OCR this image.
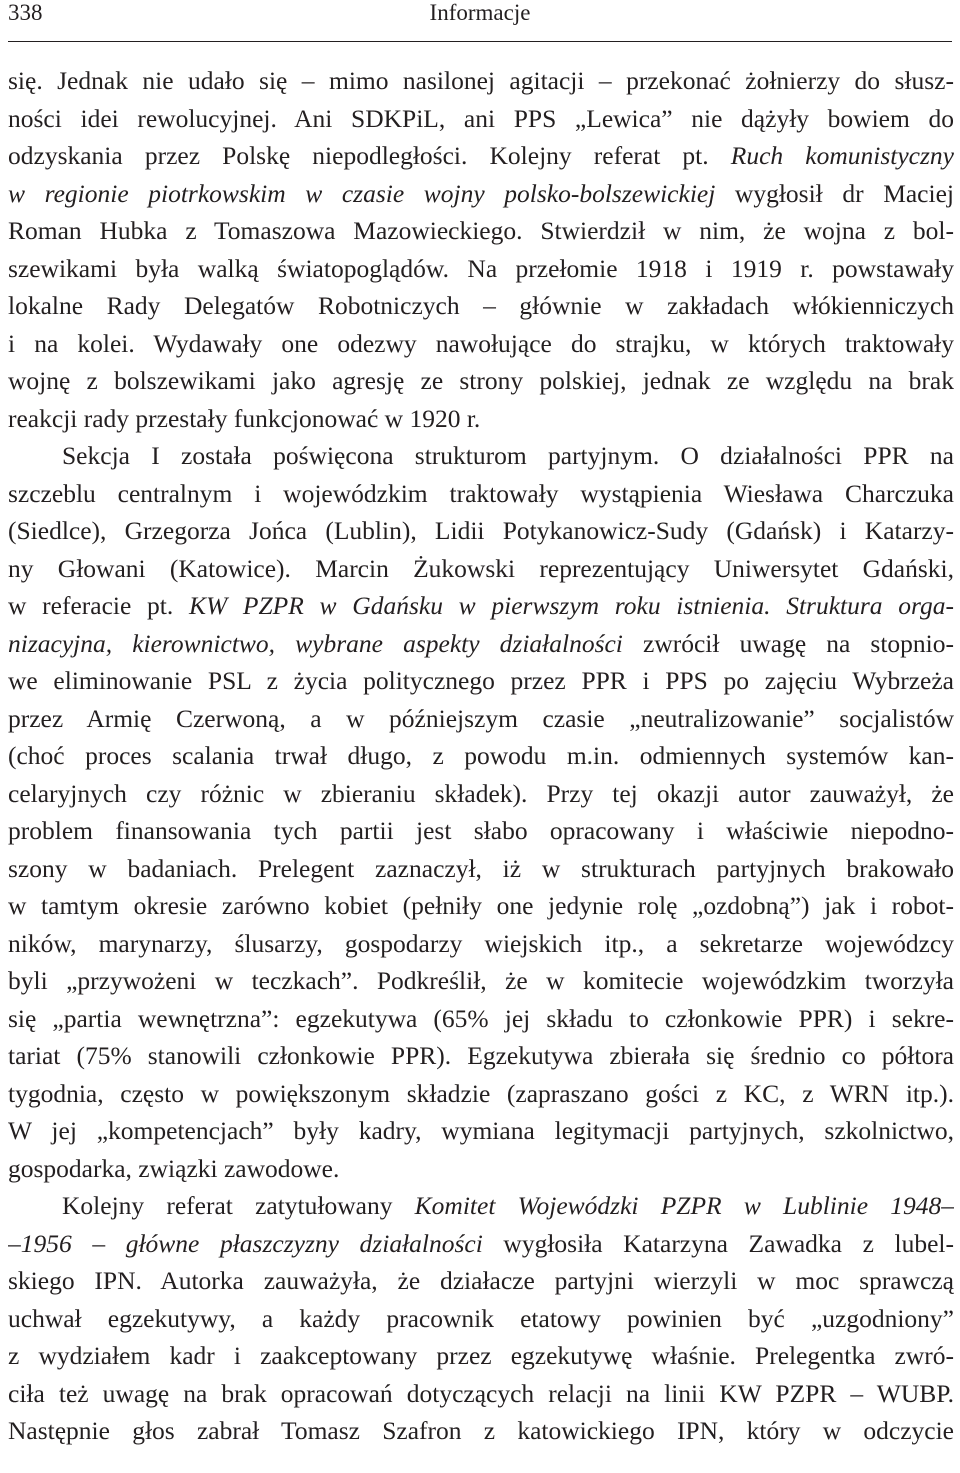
338	Informacje
się. Jednak nie udało się – mimo nasilonej agitacji – przekonać żołnierzy do słusz-
ności idei rewolucyjnej. Ani SDKPiL, ani PPS „Lewica” nie dążyły bowiem do
odzyskania przez Polskę niepodległości. Kolejny referat pt. Ruch komunistyczny
w regionie piotrkowskim w czasie wojny polsko-bolszewickiej wygłosił dr Maciej
Roman Hubka z Tomaszowa Mazowieckiego. Stwierdził w nim, że wojna z bol-
szewikami była walką światopoglądów. Na przełomie 1918 i 1919 r. powstawały
lokalne Rady Delegatów Robotniczych – głównie w zakładach włókienniczych
i na kolei. Wydawały one odezwy nawołujące do strajku, w których traktowały
wojnę z bolszewikami jako agresję ze strony polskiej, jednak ze względu na brak
reakcji rady przestały funkcjonować w 1920 r.
Sekcja I została poświęcona strukturom partyjnym. O działalności PPR na
szczeblu centralnym i wojewódzkim traktowały wystąpienia Wiesława Charczuka
(Siedlce), Grzegorza Jońca (Lublin), Lidii Potykanowicz-Sudy (Gdańsk) i Katarzy-
ny Głowani (Katowice). Marcin Żukowski reprezentujący Uniwersytet Gdański,
w referacie pt. KW PZPR w Gdańsku w pierwszym roku istnienia. Struktura orga-
nizacyjna, kierownictwo, wybrane aspekty działalności zwrócił uwagę na stopnio-
we eliminowanie PSL z życia politycznego przez PPR i PPS po zajęciu Wybrzeża
przez Armię Czerwoną, a w późniejszym czasie „neutralizowanie” socjalistów
(choć proces scalania trwał długo, z powodu m.in. odmiennych systemów kan-
celaryjnych czy różnic w zbieraniu składek). Przy tej okazji autor zauważył, że
problem finansowania tych partii jest słabo opracowany i właściwie niepodno-
szony w badaniach. Prelegent zaznaczył, iż w strukturach partyjnych brakowało
w tamtym okresie zarówno kobiet (pełniły one jedynie rolę „ozdobną”) jak i robot-
ników, marynarzy, ślusarzy, gospodarzy wiejskich itp., a sekretarze wojewódzcy
byli „przywożeni w teczkach”. Podkreślił, że w komitecie wojewódzkim tworzyła
się „partia wewnętrzna”: egzekutywa (65% jej składu to członkowie PPR) i sekre-
tariat (75% stanowili członkowie PPR). Egzekutywa zbierała się średnio co półtora
tygodnia, często w powiększonym składzie (zapraszano gości z KC, z WRN itp.).
W jej „kompetencjach” były kadry, wymiana legitymacji partyjnych, szkolnictwo,
gospodarka, związki zawodowe.
Kolejny referat zatytułowany Komitet Wojewódzki PZPR w Lublinie 1948–
–1956 – główne płaszczyzny działalności wygłosiła Katarzyna Zawadka z lubel-
skiego IPN. Autorka zauważyła, że działacze partyjni wierzyli w moc sprawczą
uchwał egzekutywy, a każdy pracownik etatowy powinien być „uzgodniony”
z wydziałem kadr i zaakceptowany przez egzekutywę właśnie. Prelegentka zwró-
ciła też uwagę na brak opracowań dotyczących relacji na linii KW PZPR – WUBP.
Następnie głos zabrał Tomasz Szafron z katowickiego IPN, który w odczycie
